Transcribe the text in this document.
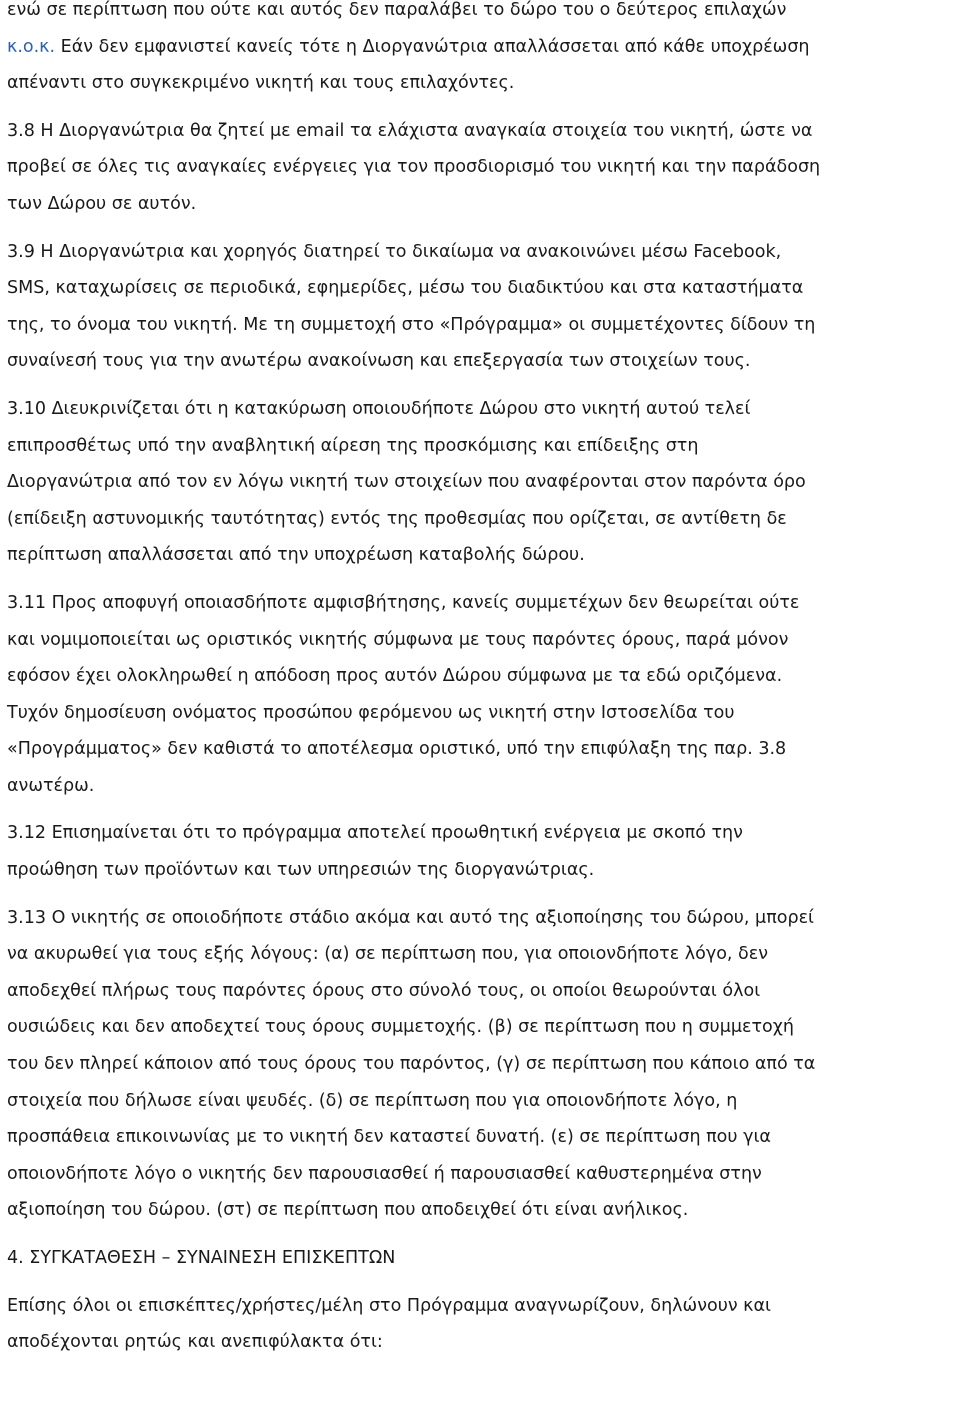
ενώ σε περίπτωση που ούτε και αυτός δεν παραλάβει το δώρο του ο δεύτερος επιλαχών
κ.ο.κ. Εάν δεν εμφανιστεί κανείς τότε η Διοργανώτρια απαλλάσσεται από κάθε υποχρέωση
απέναντι στο συγκεκριμένο νικητή και τους επιλαχόντες.

3.8 Η Διοργανώτρια θα ζητεί με email τα ελάχιστα αναγκαία στοιχεία του νικητή, ώστε να
προβεί σε όλες τις αναγκαίες ενέργειες για τον προσδιορισμό του νικητή και την παράδοση
των Δώρου σε αυτόν.

3.9 Η Διοργανώτρια και χορηγός διατηρεί το δικαίωμα να ανακοινώνει μέσω Facebook,
SMS, καταχωρίσεις σε περιοδικά, εφημερίδες, μέσω του διαδικτύου και στα καταστήματα
της, το όνομα του νικητή. Με τη συμμετοχή στο «Πρόγραμμα» οι συμμετέχοντες δίδουν τη
συναίνεσή τους για την ανωτέρω ανακοίνωση και επεξεργασία των στοιχείων τους.

3.10 Διευκρινίζεται ότι η κατακύρωση οποιουδήποτε Δώρου στο νικητή αυτού τελεί
επιπροσθέτως υπό την αναβλητική αίρεση της προσκόμισης και επίδειξης στη
Διοργανώτρια από τον εν λόγω νικητή των στοιχείων που αναφέρονται στον παρόντα όρο
(επίδειξη αστυνομικής ταυτότητας) εντός της προθεσμίας που ορίζεται, σε αντίθετη δε
περίπτωση απαλλάσσεται από την υποχρέωση καταβολής δώρου.

3.11 Προς αποφυγή οποιασδήποτε αμφισβήτησης, κανείς συμμετέχων δεν θεωρείται ούτε
και νομιμοποιείται ως οριστικός νικητής σύμφωνα με τους παρόντες όρους, παρά μόνον
εφόσον έχει ολοκληρωθεί η απόδοση προς αυτόν Δώρου σύμφωνα με τα εδώ οριζόμενα.
Τυχόν δημοσίευση ονόματος προσώπου φερόμενου ως νικητή στην Ιστοσελίδα του
«Προγράμματος» δεν καθιστά το αποτέλεσμα οριστικό, υπό την επιφύλαξη της παρ. 3.8
ανωτέρω.

3.12 Επισημαίνεται ότι το πρόγραμμα αποτελεί προωθητική ενέργεια με σκοπό την
προώθηση των προϊόντων και των υπηρεσιών της διοργανώτριας.

3.13 Ο νικητής σε οποιοδήποτε στάδιο ακόμα και αυτό της αξιοποίησης του δώρου, μπορεί
να ακυρωθεί για τους εξής λόγους: (α) σε περίπτωση που, για οποιονδήποτε λόγο, δεν
αποδεχθεί πλήρως τους παρόντες όρους στο σύνολό τους, οι οποίοι θεωρούνται όλοι
ουσιώδεις και δεν αποδεχτεί τους όρους συμμετοχής. (β) σε περίπτωση που η συμμετοχή
του δεν πληρεί κάποιον από τους όρους του παρόντος, (γ) σε περίπτωση που κάποιο από τα
στοιχεία που δήλωσε είναι ψευδές. (δ) σε περίπτωση που για οποιονδήποτε λόγο, η
προσπάθεια επικοινωνίας με το νικητή δεν καταστεί δυνατή. (ε) σε περίπτωση που για
οποιονδήποτε λόγο ο νικητής δεν παρουσιασθεί ή παρουσιασθεί καθυστερημένα στην
αξιοποίηση του δώρου. (στ) σε περίπτωση που αποδειχθεί ότι είναι ανήλικος.

4. ΣΥΓΚΑΤΑΘΕΣΗ – ΣΥΝΑΙΝΕΣΗ ΕΠΙΣΚΕΠΤΩΝ

Επίσης όλοι οι επισκέπτες/χρήστες/μέλη στο Πρόγραμμα αναγνωρίζουν, δηλώνουν και
αποδέχονται ρητώς και ανεπιφύλακτα ότι:
